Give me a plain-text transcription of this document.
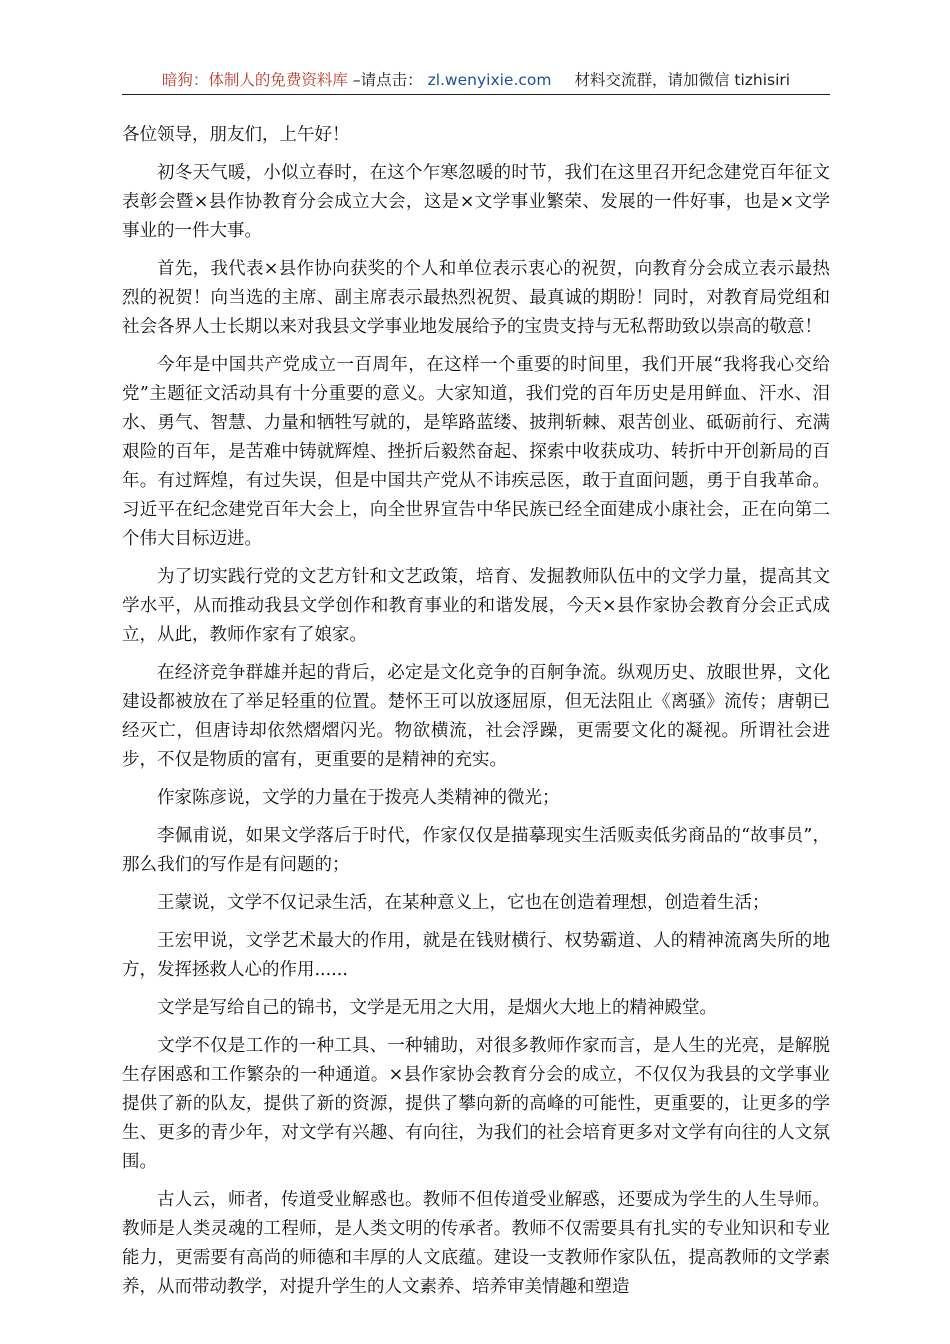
暗狗：体制人的免费资料库 –请点击： zl.wenyixie.com 材料交流群，请加微信 tizhisiri

各位领导，朋友们，上午好！

初冬天气暖，小似立春时，在这个乍寒忽暖的时节，我们在这里召开纪念建党百年征文表彰会暨×县作协教育分会成立大会，这是×文学事业繁荣、发展的一件好事，也是×文学事业的一件大事。

首先，我代表×县作协向获奖的个人和单位表示衷心的祝贺，向教育分会成立表示最热烈的祝贺！向当选的主席、副主席表示最热烈祝贺、最真诚的期盼！同时，对教育局党组和社会各界人士长期以来对我县文学事业地发展给予的宝贵支持与无私帮助致以崇高的敬意！

今年是中国共产党成立一百周年，在这样一个重要的时间里，我们开展“我将我心交给党”主题征文活动具有十分重要的意义。大家知道，我们党的百年历史是用鲜血、汗水、泪水、勇气、智慧、力量和牺牲写就的，是筚路蓝缕、披荆斩棘、艰苦创业、砥砺前行、充满艰险的百年，是苦难中铸就辉煌、挫折后毅然奋起、探索中收获成功、转折中开创新局的百年。有过辉煌，有过失误，但是中国共产党从不讳疾忌医，敢于直面问题，勇于自我革命。习近平在纪念建党百年大会上，向全世界宣告中华民族已经全面建成小康社会，正在向第二个伟大目标迈进。

为了切实践行党的文艺方针和文艺政策，培育、发掘教师队伍中的文学力量，提高其文学水平，从而推动我县文学创作和教育事业的和谐发展，今天×县作家协会教育分会正式成立，从此，教师作家有了娘家。

在经济竞争群雄并起的背后，必定是文化竞争的百舸争流。纵观历史、放眼世界，文化建设都被放在了举足轻重的位置。楚怀王可以放逐屈原，但无法阻止《离骚》流传；唐朝已经灭亡，但唐诗却依然熠熠闪光。物欲横流，社会浮躁，更需要文化的凝视。所谓社会进步，不仅是物质的富有，更重要的是精神的充实。

作家陈彦说，文学的力量在于拨亮人类精神的微光；

李佩甫说，如果文学落后于时代，作家仅仅是描摹现实生活贩卖低劣商品的“故事员”，那么我们的写作是有问题的；

王蒙说，文学不仅记录生活，在某种意义上，它也在创造着理想，创造着生活；

王宏甲说，文学艺术最大的作用，就是在钱财横行、权势霸道、人的精神流离失所的地方，发挥拯救人心的作用......

文学是写给自己的锦书，文学是无用之大用，是烟火大地上的精神殿堂。

文学不仅是工作的一种工具、一种辅助，对很多教师作家而言，是人生的光亮，是解脱生存困惑和工作繁杂的一种通道。×县作家协会教育分会的成立，不仅仅为我县的文学事业提供了新的队友，提供了新的资源，提供了攀向新的高峰的可能性，更重要的，让更多的学生、更多的青少年，对文学有兴趣、有向往，为我们的社会培育更多对文学有向往的人文氛围。

古人云，师者，传道受业解惑也。教师不但传道受业解惑，还要成为学生的人生导师。教师是人类灵魂的工程师，是人类文明的传承者。教师不仅需要具有扎实的专业知识和专业能力，更需要有高尚的师德和丰厚的人文底蕴。建设一支教师作家队伍，提高教师的文学素养，从而带动教学，对提升学生的人文素养、培养审美情趣和塑造
